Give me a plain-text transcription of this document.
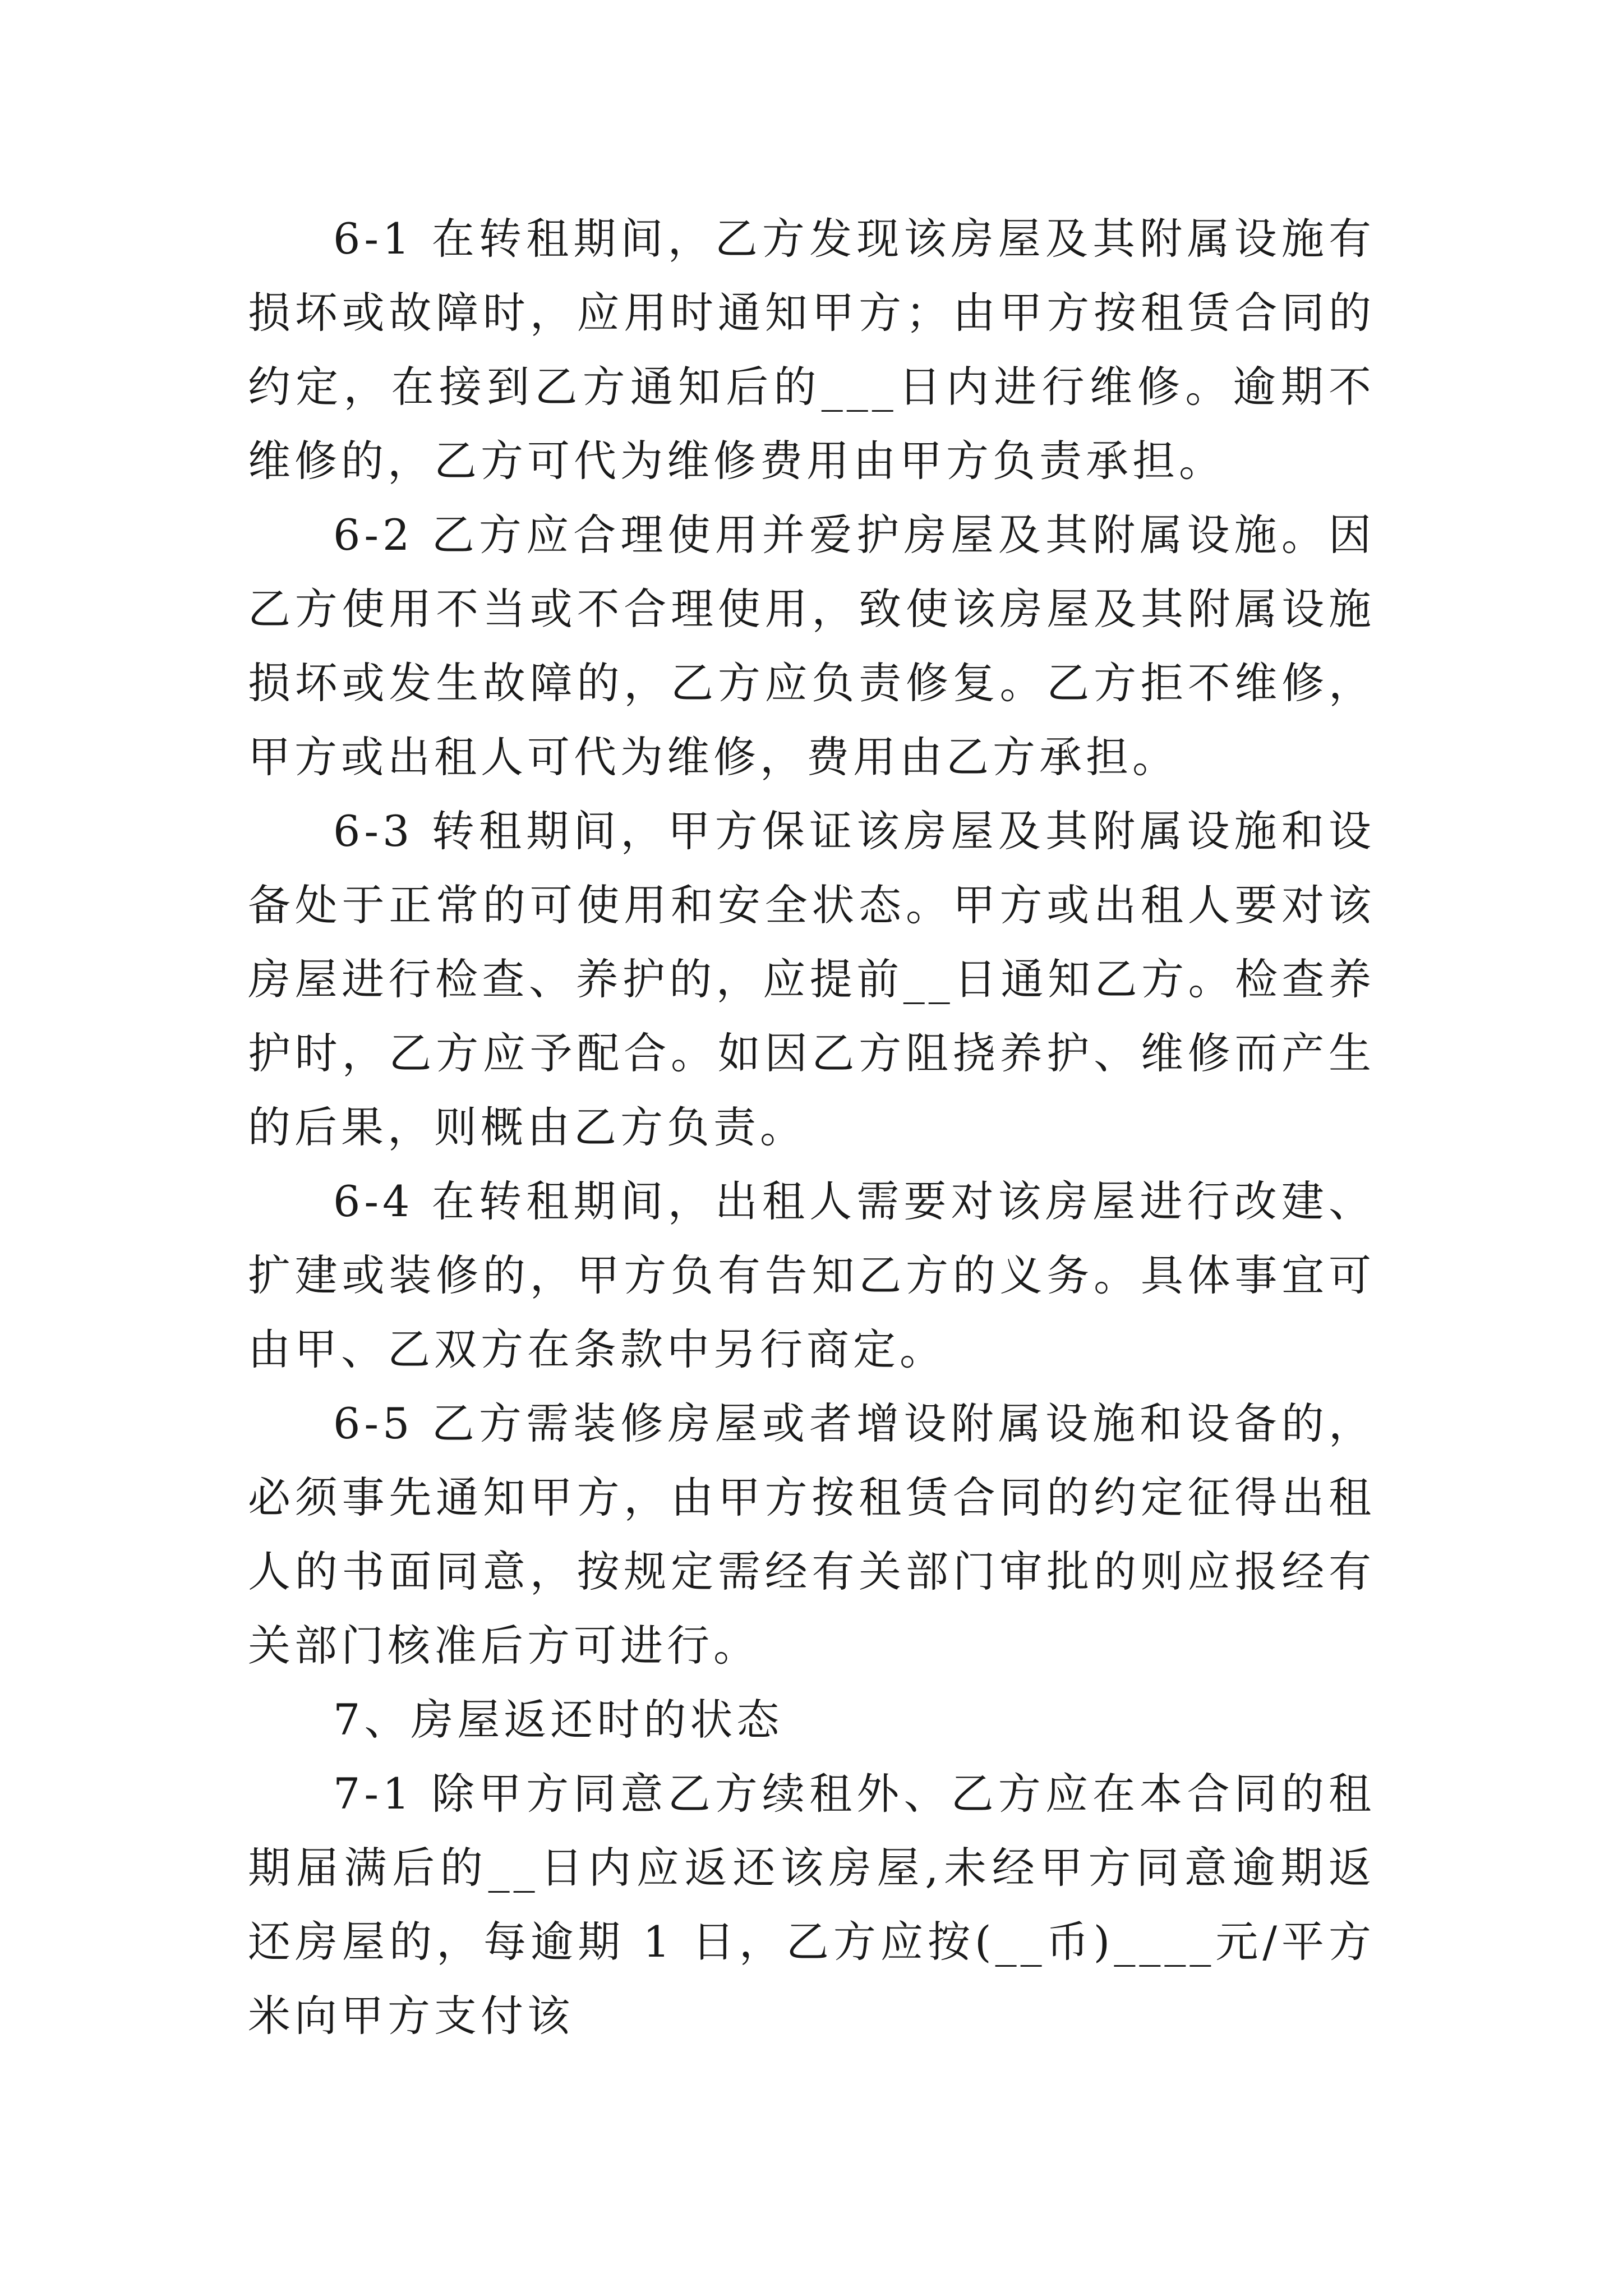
6-1 在转租期间，乙方发现该房屋及其附属设施有损坏或故障时，应用时通知甲方；由甲方按租赁合同的约定，在接到乙方通知后的___日内进行维修。逾期不维修的，乙方可代为维修费用由甲方负责承担。

6-2 乙方应合理使用并爱护房屋及其附属设施。因乙方使用不当或不合理使用，致使该房屋及其附属设施损坏或发生故障的，乙方应负责修复。乙方拒不维修，甲方或出租人可代为维修，费用由乙方承担。

6-3 转租期间，甲方保证该房屋及其附属设施和设备处于正常的可使用和安全状态。甲方或出租人要对该房屋进行检查、养护的，应提前__日通知乙方。检查养护时，乙方应予配合。如因乙方阻挠养护、维修而产生的后果，则概由乙方负责。

6-4 在转租期间，出租人需要对该房屋进行改建、扩建或装修的，甲方负有告知乙方的义务。具体事宜可由甲、乙双方在条款中另行商定。

6-5 乙方需装修房屋或者增设附属设施和设备的，必须事先通知甲方，由甲方按租赁合同的约定征得出租人的书面同意，按规定需经有关部门审批的则应报经有关部门核准后方可进行。

7、房屋返还时的状态

7-1 除甲方同意乙方续租外、乙方应在本合同的租期届满后的__日内应返还该房屋,未经甲方同意逾期返还房屋的，每逾期 1 日，乙方应按(__币)____元/平方米向甲方支付该
